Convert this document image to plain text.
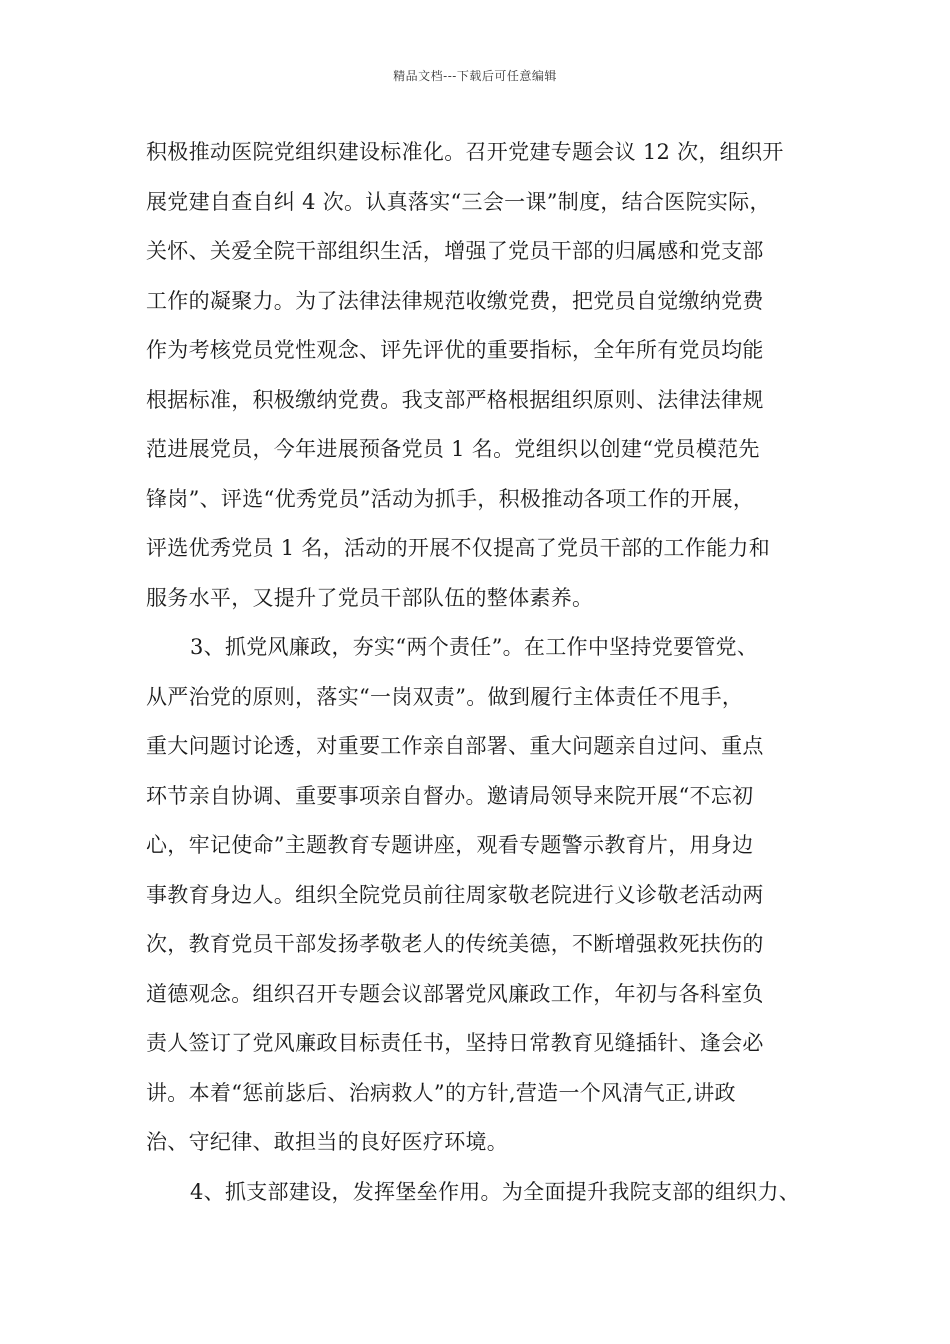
精品文档---下载后可任意编辑
积极推动医院党组织建设标准化。召开党建专题会议 12 次，组织开
展党建自查自纠 4 次。认真落实“三会一课”制度，结合医院实际，
关怀、关爱全院干部组织生活，增强了党员干部的归属感和党支部
工作的凝聚力。为了法律法律规范收缴党费，把党员自觉缴纳党费
作为考核党员党性观念、评先评优的重要指标，全年所有党员均能
根据标准，积极缴纳党费。我支部严格根据组织原则、法律法律规
范进展党员，今年进展预备党员 1 名。党组织以创建“党员模范先
锋岗”、评选“优秀党员”活动为抓手，积极推动各项工作的开展，
评选优秀党员 1 名，活动的开展不仅提高了党员干部的工作能力和
服务水平，又提升了党员干部队伍的整体素养。
3、抓党风廉政，夯实“两个责任”。在工作中坚持党要管党、
从严治党的原则，落实“一岗双责”。做到履行主体责任不甩手，
重大问题讨论透，对重要工作亲自部署、重大问题亲自过问、重点
环节亲自协调、重要事项亲自督办。邀请局领导来院开展“不忘初
心，牢记使命”主题教育专题讲座，观看专题警示教育片，用身边
事教育身边人。组织全院党员前往周家敬老院进行义诊敬老活动两
次，教育党员干部发扬孝敬老人的传统美德，不断增强救死扶伤的
道德观念。组织召开专题会议部署党风廉政工作，年初与各科室负
责人签订了党风廉政目标责任书，坚持日常教育见缝插针、逢会必
讲。本着“惩前毖后、治病救人”的方针,营造一个风清气正,讲政
治、守纪律、敢担当的良好医疗环境。
4、抓支部建设，发挥堡垒作用。为全面提升我院支部的组织力、
